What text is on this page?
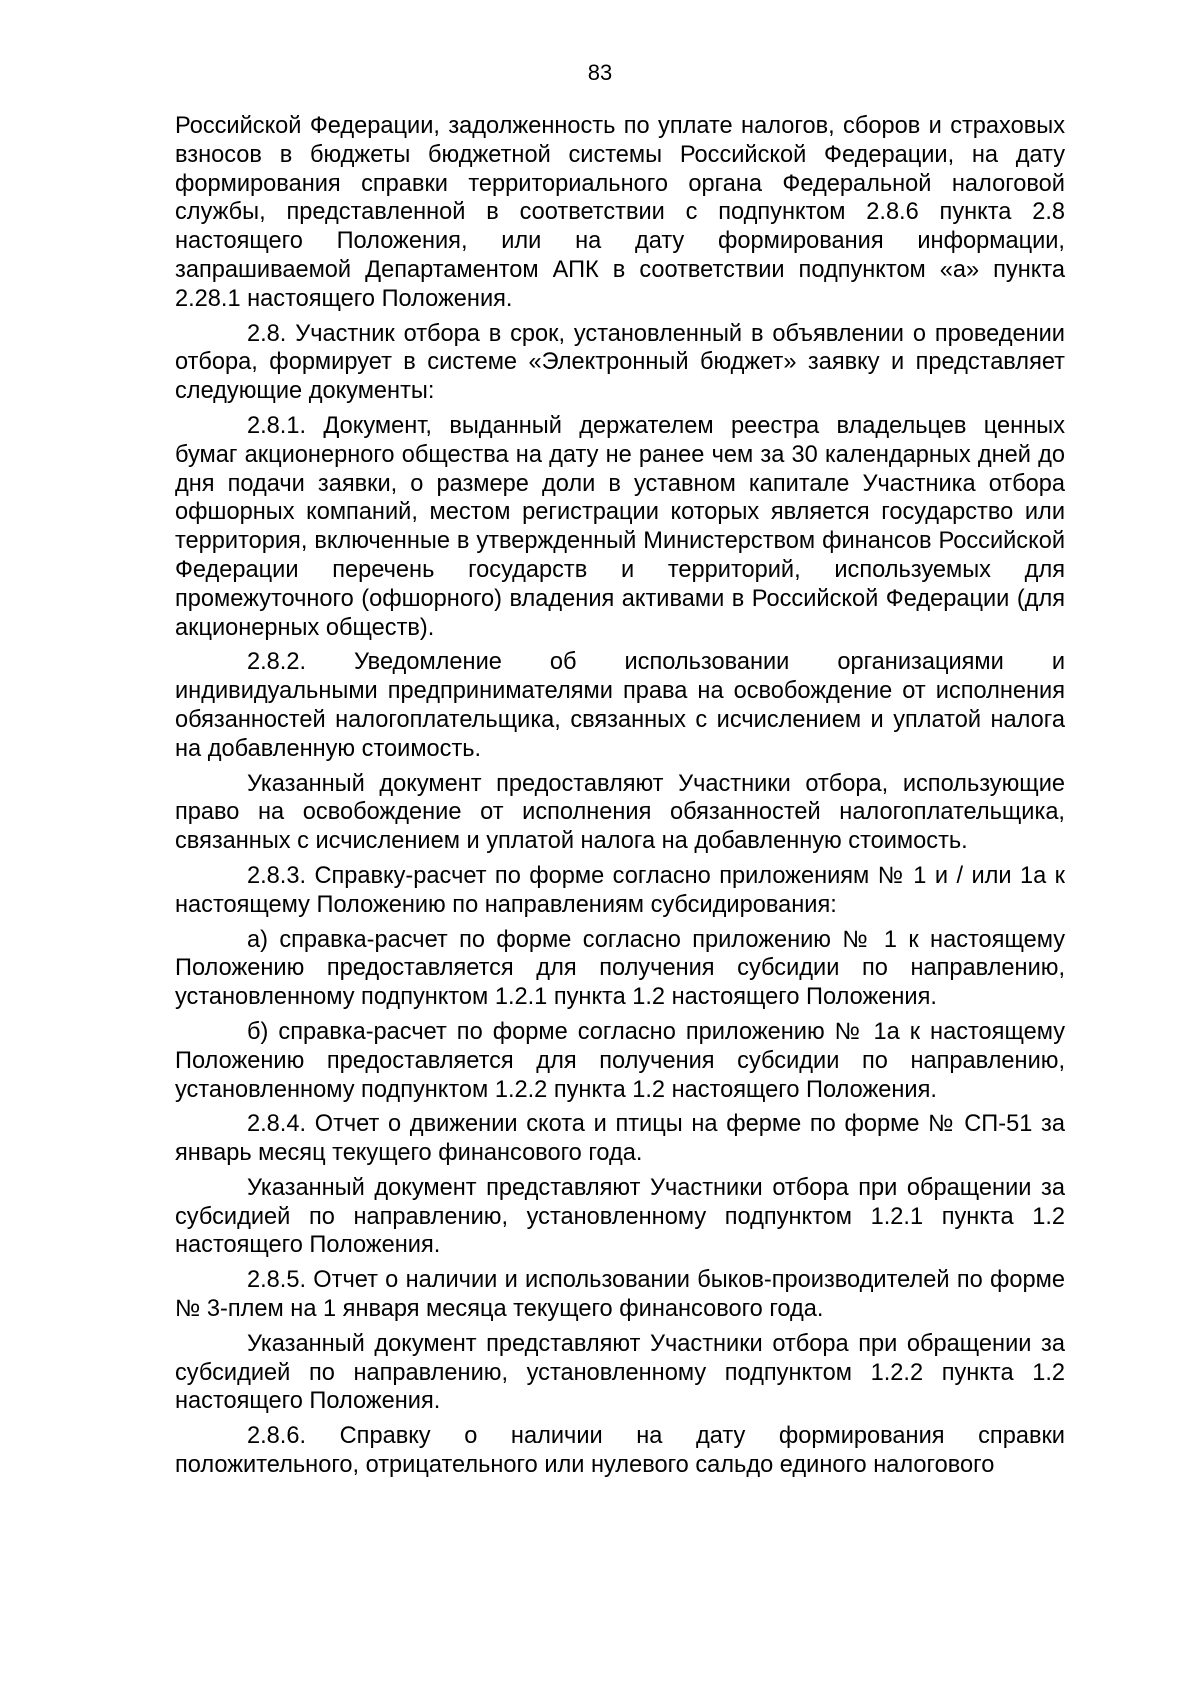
83

Российской Федерации, задолженность по уплате налогов, сборов и страховых взносов в бюджеты бюджетной системы Российской Федерации, на дату формирования справки территориального органа Федеральной налоговой службы, представленной в соответствии с подпунктом 2.8.6 пункта 2.8 настоящего Положения, или на дату формирования информации, запрашиваемой Департаментом АПК в соответствии подпунктом «а» пункта 2.28.1 настоящего Положения.

2.8. Участник отбора в срок, установленный в объявлении о проведении отбора, формирует в системе «Электронный бюджет» заявку и представляет следующие документы:

2.8.1. Документ, выданный держателем реестра владельцев ценных бумаг акционерного общества на дату не ранее чем за 30 календарных дней до дня подачи заявки, о размере доли в уставном капитале Участника отбора офшорных компаний, местом регистрации которых является государство или территория, включенные в утвержденный Министерством финансов Российской Федерации перечень государств и территорий, используемых для промежуточного (офшорного) владения активами в Российской Федерации (для акционерных обществ).

2.8.2. Уведомление об использовании организациями и индивидуальными предпринимателями права на освобождение от исполнения обязанностей налогоплательщика, связанных с исчислением и уплатой налога на добавленную стоимость.

Указанный документ предоставляют Участники отбора, использующие право на освобождение от исполнения обязанностей налогоплательщика, связанных с исчислением и уплатой налога на добавленную стоимость.

2.8.3. Справку-расчет по форме согласно приложениям № 1 и / или 1а к настоящему Положению по направлениям субсидирования:

а) справка-расчет по форме согласно приложению № 1 к настоящему Положению предоставляется для получения субсидии по направлению, установленному подпунктом 1.2.1 пункта 1.2 настоящего Положения.

б) справка-расчет по форме согласно приложению № 1а к настоящему Положению предоставляется для получения субсидии по направлению, установленному подпунктом 1.2.2 пункта 1.2 настоящего Положения.

2.8.4. Отчет о движении скота и птицы на ферме по форме № СП-51 за январь месяц текущего финансового года.

Указанный документ представляют Участники отбора при обращении за субсидией по направлению, установленному подпунктом 1.2.1 пункта 1.2 настоящего Положения.

2.8.5. Отчет о наличии и использовании быков-производителей по форме № 3-плем на 1 января месяца текущего финансового года.

Указанный документ представляют Участники отбора при обращении за субсидией по направлению, установленному подпунктом 1.2.2 пункта 1.2 настоящего Положения.

2.8.6. Справку о наличии на дату формирования справки положительного, отрицательного или нулевого сальдо единого налогового
